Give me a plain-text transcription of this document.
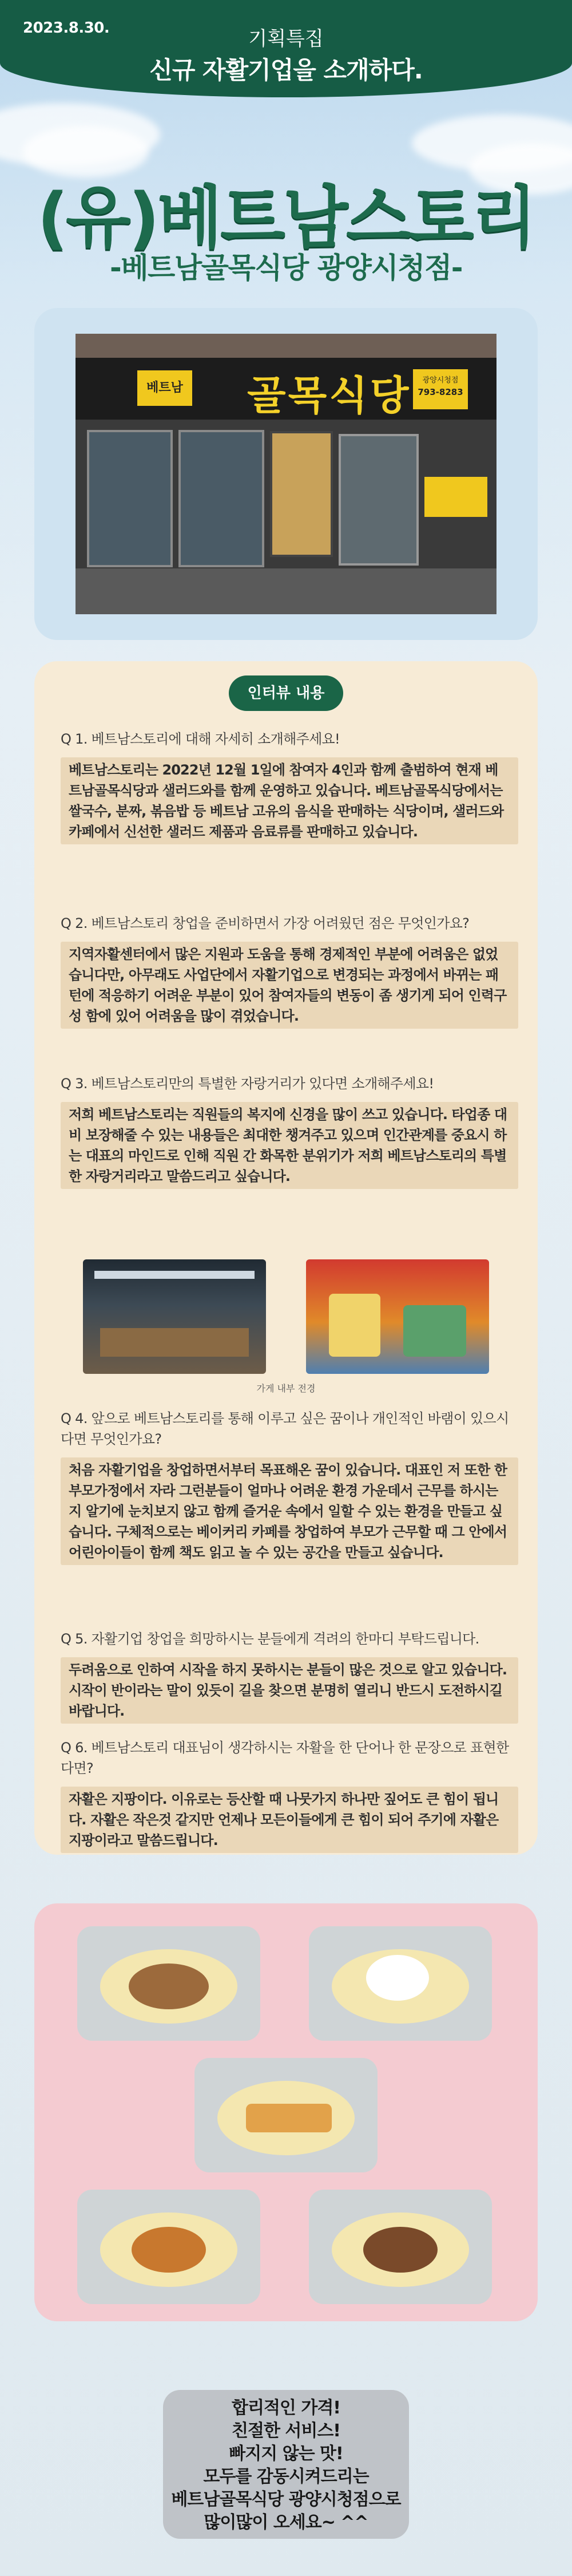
2023.8.30.	기획특집
신규 자활기업을 소개하다.
(유)베트남스토리
-베트남골목식당 광양시청점-
베트남 골목식당	광양시청점
793-8283
인터뷰 내용
Q 1. 베트남스토리에 대해 자세히 소개해주세요!
베트남스토리는 2022년 12월 1일에 참여자 4인과 함께 출범하여 현재 베트남골목식당과 샐러드와를 함께 운영하고 있습니다. 베트남골목식당에서는 쌀국수, 분짜, 볶음밥 등 베트남 고유의 음식을 판매하는 식당이며, 샐러드와 카페에서 신선한 샐러드 제품과 음료류를 판매하고 있습니다.
Q 2. 베트남스토리 창업을 준비하면서 가장 어려웠던 점은 무엇인가요?
지역자활센터에서 많은 지원과 도움을 통해 경제적인 부분에 어려움은 없었습니다만, 아무래도 사업단에서 자활기업으로 변경되는 과정에서 바뀌는 패턴에 적응하기 어려운 부분이 있어 참여자들의 변동이 좀 생기게 되어 인력구성 함에 있어 어려움을 많이 겪었습니다.
Q 3. 베트남스토리만의 특별한 자랑거리가 있다면 소개해주세요!
저희 베트남스토리는 직원들의 복지에 신경을 많이 쓰고 있습니다. 타업종 대비 보장해줄 수 있는 내용들은 최대한 챙겨주고 있으며 인간관계를 중요시 하는 대표의 마인드로 인해 직원 간 화목한 분위기가 저희 베트남스토리의 특별한 자랑거리라고 말씀드리고 싶습니다.
가게 내부 전경
Q 4. 앞으로 베트남스토리를 통해 이루고 싶은 꿈이나 개인적인 바램이 있으시다면 무엇인가요?
처음 자활기업을 창업하면서부터 목표해온 꿈이 있습니다. 대표인 저 또한 한부모가정에서 자라 그런분들이 얼마나 어려운 환경 가운데서 근무를 하시는지 알기에 눈치보지 않고 함께 즐거운 속에서 일할 수 있는 환경을 만들고 싶습니다. 구체적으로는 베이커리 카페를 창업하여 부모가 근무할 때 그 안에서 어린아이들이 함께 책도 읽고 놀 수 있는 공간을 만들고 싶습니다.
Q 5. 자활기업 창업을 희망하시는 분들에게 격려의 한마디 부탁드립니다.
두려움으로 인하여 시작을 하지 못하시는 분들이 많은 것으로 알고 있습니다. 시작이 반이라는 말이 있듯이 길을 찾으면 분명히 열리니 반드시 도전하시길 바랍니다.
Q 6. 베트남스토리 대표님이 생각하시는 자활을 한 단어나 한 문장으로 표현한다면?
자활은 지팡이다. 이유로는 등산할 때 나뭇가지 하나만 짚어도 큰 힘이 됩니다. 자활은 작은것 같지만 언제나 모든이들에게 큰 힘이 되어 주기에 자활은 지팡이라고 말씀드립니다.
합리적인 가격!
친절한 서비스!
빠지지 않는 맛!
모두를 감동시켜드리는
베트남골목식당 광양시청점으로
많이많이 오세요~ ^^
